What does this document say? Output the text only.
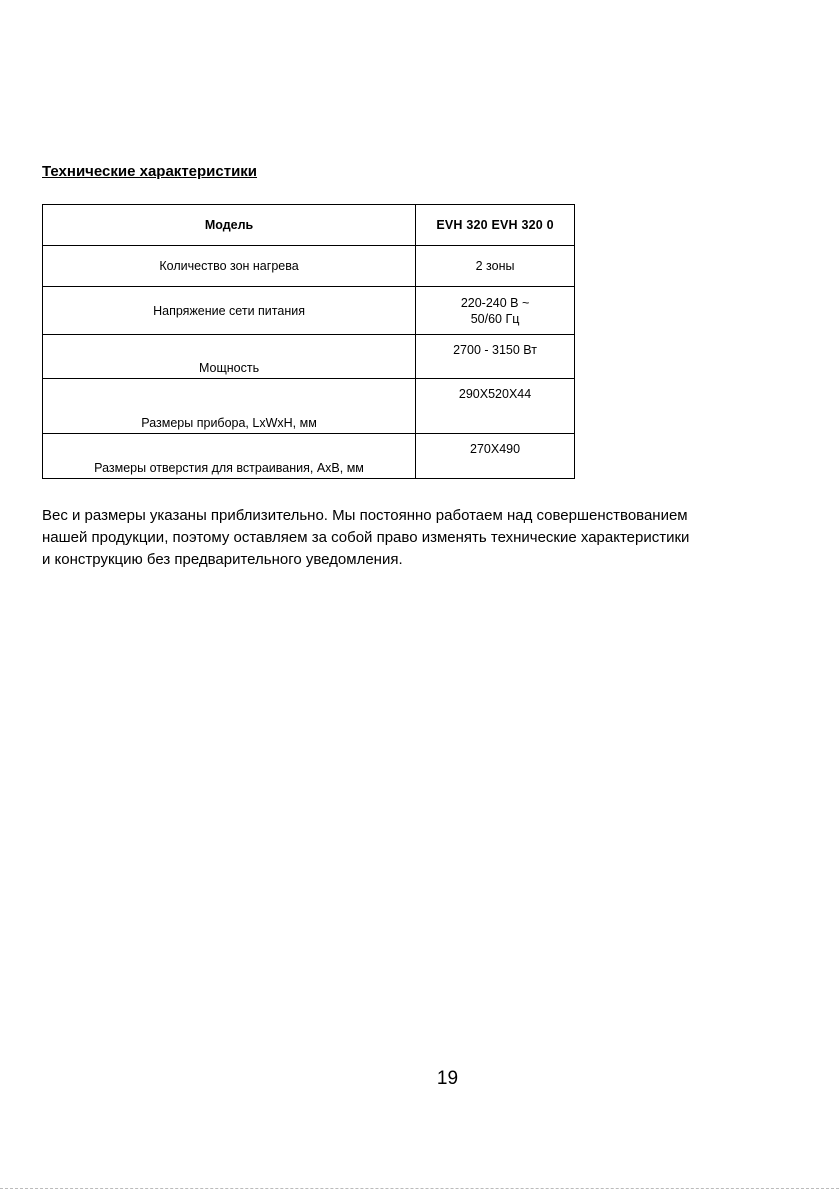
Технические характеристики
Модель	EVH 320 EVH 320 0
Количество зон нагрева	2 зоны
Напряжение сети питания	220-240 В ~
50/60 Гц

Мощность	2700 - 3150 Вт
Размеры прибора, LxWxH, мм	290X520X44
Размеры отверстия для встраивания, AxB, мм	270X490

Вес и размеры указаны приблизительно. Мы постоянно работаем над совершенствованием
нашей продукции, поэтому оставляем за собой право изменять технические характеристики
и конструкцию без предварительного уведомления.

19
